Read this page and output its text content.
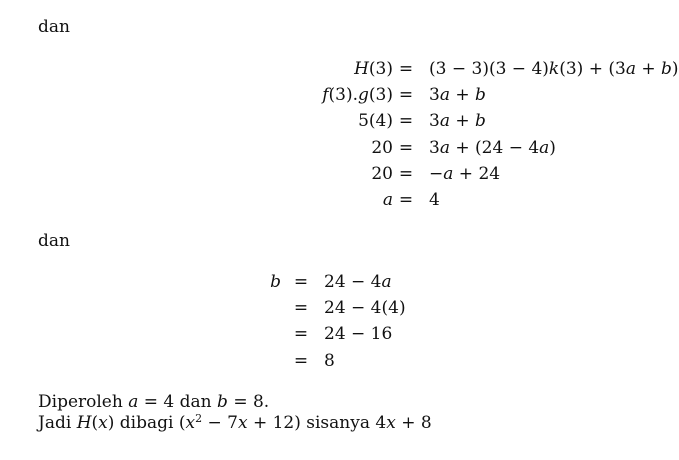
dan
H(3) = (3 − 3)(3 − 4)k(3) + (3a + b)
f(3).g(3) = 3a + b
5(4) = 3a + b
20 = 3a + (24 − 4a)
20 = −a + 24
a = 4
dan
b = 24 − 4a
= 24 − 4(4)
= 24 − 16
= 8
Diperoleh a = 4 dan b = 8.
Jadi H(x) dibagi $(x^2 - 7x + 12)$ sisanya 4x + 8
